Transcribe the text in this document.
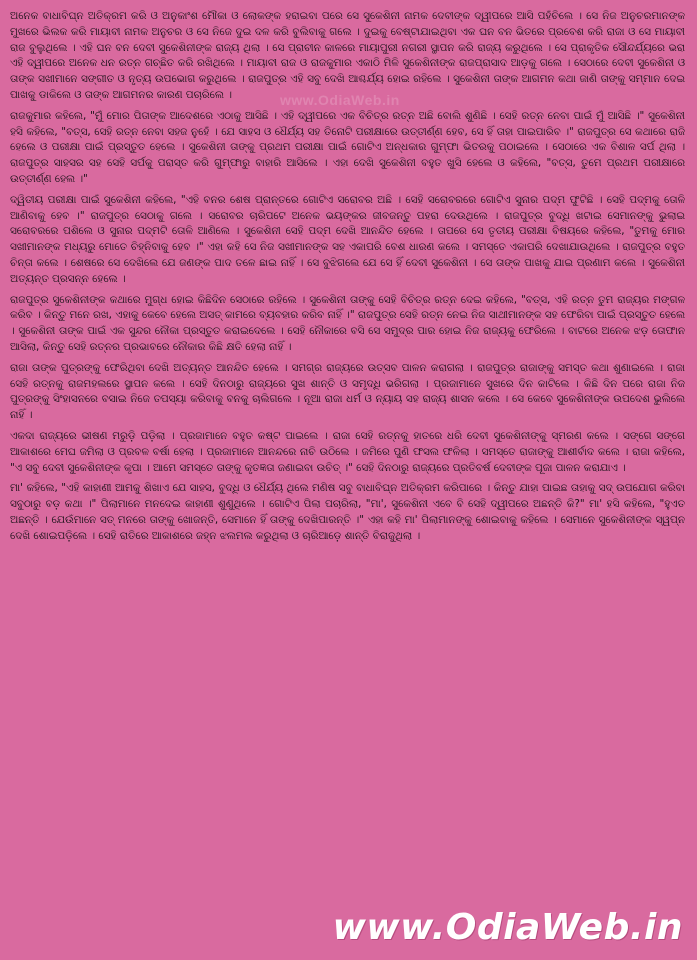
www.OdiaWeb.in

ଅନେକ ବାଧାବିଘ୍ନ ଅତିକ୍ରମ କରି ଓ ଅନୁକାଂଶ ମୌକା ଓ ଲୋକଙ୍କ ହରାଇବା ପରେ ସେ ସୁକେଶିନୀ ନାମକ ଦେବୀଙ୍କ ଦ୍ୱୀପରେ ଆସି ପହଁଚିଲେ । ସେ ନିଜ ଅନୁଚରମାନଙ୍କ ମୁଖରେ ଭିଲକ କରି ମାୟାବୀ ନାମକ ଅନୁଚର ଓ ସେ ନିଜେ ଦୁଇ ଦଳ କରି ବୁଲିବାକୁ ଗଲେ । ଦୁଇକୁ ବେଷ୍ଟାଯାଇଥିବା ଏକ ଘନ ବନ ଭିତରେ ପ୍ରବେଶ କରି ରାଜା ଓ ସେ ମାୟାବୀ ରାଜ ବୁଲୁଥିଲେ । ଏହି ଘନ ବନ ଦେବୀ ସୁକେଶିନୀଙ୍କ ରାଜ୍ୟ ଥିଲା । ସେ ପ୍ରାଚୀନ କାଳରେ ମାୟାପୁରୀ ନଗରୀ ସ୍ଥାପନ କରି ରାଜ୍ୟ କରୁଥିଲେ । ସେ ପ୍ରାକୃତିକ ସୌନ୍ଦର୍ଯ୍ୟରେ ଭରା ଏହି ଦ୍ୱୀପରେ ଅନେକ ଧନ ରତ୍ନ ଗଚ୍ଛିତ କରି ରଖିଥିଲେ । ମାୟାବୀ ରାଜ ଓ ରାଜକୁମାର ଏକାଠି ମିଳି ସୁକେଶିନୀଙ୍କ ରାଜପ୍ରାସାଦ ଆଡ଼କୁ ଗଲେ । ସେଠାରେ ଦେବୀ ସୁକେଶିନୀ ଓ ତାଙ୍କ ସଖୀମାନେ ସଙ୍ଗୀତ ଓ ନୃତ୍ୟ ଉପଭୋଗ କରୁଥିଲେ । ରାଜପୁତ୍ର ଏହି ସବୁ ଦେଖି ଆଶ୍ଚର୍ଯ୍ୟ ହୋଇ ରହିଲେ । ସୁକେଶିନୀ ତାଙ୍କ ଆଗମନ କଥା ଜାଣି ତାଙ୍କୁ ସମ୍ମାନ ଦେଇ ପାଖକୁ ଡାକିଲେ ଓ ତାଙ୍କ ଆଗମନର କାରଣ ପଚାରିଲେ ।

ରାଜକୁମାର କହିଲେ, "ମୁଁ ମୋର ପିତାଙ୍କ ଆଦେଶରେ ଏଠାକୁ ଆସିଛି । ଏହି ଦ୍ୱୀପରେ ଏକ ବିଚିତ୍ର ରତ୍ନ ଅଛି ବୋଲି ଶୁଣିଛି । ସେହି ରତ୍ନ ନେବା ପାଇଁ ମୁଁ ଆସିଛି ।" ସୁକେଶିନୀ ହସି କହିଲେ, "ବତ୍ସ, ସେହି ରତ୍ନ ନେବା ସହଜ ନୁହେଁ । ଯେ ସାହସ ଓ ଧୈର୍ଯ୍ୟ ସହ ତିନୋଟି ପରୀକ୍ଷାରେ ଉତ୍ତୀର୍ଣ୍ଣ ହେବ, ସେ ହିଁ ତାହା ପାଇପାରିବ ।" ରାଜପୁତ୍ର ସେ କଥାରେ ରାଜି ହେଲେ ଓ ପରୀକ୍ଷା ପାଇଁ ପ୍ରସ୍ତୁତ ହେଲେ । ସୁକେଶିନୀ ତାଙ୍କୁ ପ୍ରଥମ ପରୀକ୍ଷା ପାଇଁ ଗୋଟିଏ ଅନ୍ଧକାର ଗୁମ୍ଫା ଭିତରକୁ ପଠାଇଲେ । ସେଠାରେ ଏକ ବିଶାଳ ସର୍ପ ଥିଲା । ରାଜପୁତ୍ର ସାହସର ସହ ସେହି ସର୍ପକୁ ପରାସ୍ତ କରି ଗୁମ୍ଫାରୁ ବାହାରି ଆସିଲେ । ଏହା ଦେଖି ସୁକେଶିନୀ ବହୁତ ଖୁସି ହେଲେ ଓ କହିଲେ, "ବତ୍ସ, ତୁମେ ପ୍ରଥମ ପରୀକ୍ଷାରେ ଉତ୍ତୀର୍ଣ୍ଣ ହେଲ ।"

ଦ୍ୱିତୀୟ ପରୀକ୍ଷା ପାଇଁ ସୁକେଶିନୀ କହିଲେ, "ଏହି ବନର ଶେଷ ପ୍ରାନ୍ତରେ ଗୋଟିଏ ସରୋବର ଅଛି । ସେହି ସରୋବରରେ ଗୋଟିଏ ସୁନାର ପଦ୍ମ ଫୁଟିଛି । ସେହି ପଦ୍ମକୁ ତୋଳି ଆଣିବାକୁ ହେବ ।" ରାଜପୁତ୍ର ସେଠାକୁ ଗଲେ । ସରୋବର ଚାରିପଟେ ଅନେକ ଭୟଙ୍କର ଜୀବଜନ୍ତୁ ପହରା ଦେଉଥିଲେ । ରାଜପୁତ୍ର ବୁଦ୍ଧି ଖଟାଇ ସେମାନଙ୍କୁ ଭୁଲାଇ ସରୋବରରେ ପଶିଲେ ଓ ସୁନାର ପଦ୍ମଟି ତୋଳି ଆଣିଲେ । ସୁକେଶିନୀ ସେହି ପଦ୍ମ ଦେଖି ଆନନ୍ଦିତ ହେଲେ । ତାପରେ ସେ ତୃତୀୟ ପରୀକ୍ଷା ବିଷୟରେ କହିଲେ, "ତୁମକୁ ମୋର ସଖୀମାନଙ୍କ ମଧ୍ୟରୁ ମୋତେ ଚିହ୍ନିବାକୁ ହେବ ।" ଏହା କହି ସେ ନିଜ ସଖୀମାନଙ୍କ ସହ ଏକାପରି ବେଶ ଧାରଣ କଲେ । ସମସ୍ତେ ଏକାପରି ଦେଖାଯାଉଥିଲେ । ରାଜପୁତ୍ର ବହୁତ ଚିନ୍ତା କଲେ । ଶେଷରେ ସେ ଦେଖିଲେ ଯେ ଜଣଙ୍କ ପାଦ ତଳେ ଛାଇ ନାହିଁ । ସେ ବୁଝିଗଲେ ଯେ ସେ ହିଁ ଦେବୀ ସୁକେଶିନୀ । ସେ ତାଙ୍କ ପାଖକୁ ଯାଇ ପ୍ରଣାମ କଲେ । ସୁକେଶିନୀ ଅତ୍ୟନ୍ତ ପ୍ରସନ୍ନ ହେଲେ ।

ରାଜପୁତ୍ର ସୁକେଶିନୀଙ୍କ କଥାରେ ମୁଗ୍ଧ ହୋଇ କିଛିଦିନ ସେଠାରେ ରହିଲେ । ସୁକେଶିନୀ ତାଙ୍କୁ ସେହି ବିଚିତ୍ର ରତ୍ନ ଦେଇ କହିଲେ, "ବତ୍ସ, ଏହି ରତ୍ନ ତୁମ ରାଜ୍ୟର ମଙ୍ଗଳ କରିବ । କିନ୍ତୁ ମନେ ରଖ, ଏହାକୁ କେବେ ହେଲେ ଅସତ୍ କାମରେ ବ୍ୟବହାର କରିବ ନାହିଁ ।" ରାଜପୁତ୍ର ସେହି ରତ୍ନ ନେଇ ନିଜ ସାଥୀମାନଙ୍କ ସହ ଫେରିବା ପାଇଁ ପ୍ରସ୍ତୁତ ହେଲେ । ସୁକେଶିନୀ ତାଙ୍କ ପାଇଁ ଏକ ସୁନ୍ଦର ନୌକା ପ୍ରସ୍ତୁତ କରାଇଦେଲେ । ସେହି ନୌକାରେ ବସି ସେ ସମୁଦ୍ର ପାର ହୋଇ ନିଜ ରାଜ୍ୟକୁ ଫେରିଲେ । ବାଟରେ ଅନେକ ଝଡ଼ ତୋଫାନ ଆସିଲା, କିନ୍ତୁ ସେହି ରତ୍ନର ପ୍ରଭାବରେ ନୌକାର କିଛି କ୍ଷତି ହେଲା ନାହିଁ ।

ରାଜା ତାଙ୍କ ପୁତ୍ରଙ୍କୁ ଫେରିଥିବା ଦେଖି ଅତ୍ୟନ୍ତ ଆନନ୍ଦିତ ହେଲେ । ସମଗ୍ର ରାଜ୍ୟରେ ଉତ୍ସବ ପାଳନ କରାଗଲା । ରାଜପୁତ୍ର ରାଜାଙ୍କୁ ସମସ୍ତ କଥା ଶୁଣାଇଲେ । ରାଜା ସେହି ରତ୍ନକୁ ରାଜମହଲରେ ସ୍ଥାପନ କଲେ । ସେହି ଦିନଠାରୁ ରାଜ୍ୟରେ ସୁଖ ଶାନ୍ତି ଓ ସମୃଦ୍ଧି ଭରିଗଲା । ପ୍ରଜାମାନେ ସୁଖରେ ଦିନ କାଟିଲେ । କିଛି ଦିନ ପରେ ରାଜା ନିଜ ପୁତ୍ରଙ୍କୁ ସିଂହାସନରେ ବସାଇ ନିଜେ ତପସ୍ୟା କରିବାକୁ ବନକୁ ଚାଲିଗଲେ । ନୂଆ ରାଜା ଧର୍ମ ଓ ନ୍ୟାୟ ସହ ରାଜ୍ୟ ଶାସନ କଲେ । ସେ କେବେ ସୁକେଶିନୀଙ୍କ ଉପଦେଶ ଭୁଲିଲେ ନାହିଁ ।

ଏକଦା ରାଜ୍ୟରେ ଭୀଷଣ ମରୁଡ଼ି ପଡ଼ିଲା । ପ୍ରଜାମାନେ ବହୁତ କଷ୍ଟ ପାଇଲେ । ରାଜା ସେହି ରତ୍ନକୁ ହାତରେ ଧରି ଦେବୀ ସୁକେଶିନୀଙ୍କୁ ସ୍ମରଣ କଲେ । ସଙ୍ଗେ ସଙ୍ଗେ ଆକାଶରେ ମେଘ ଜମିଲା ଓ ପ୍ରବଳ ବର୍ଷା ହେଲା । ପ୍ରଜାମାନେ ଆନନ୍ଦରେ ନାଚି ଉଠିଲେ । ଜମିରେ ପୁଣି ଫସଲ ଫଳିଲା । ସମସ୍ତେ ରାଜାଙ୍କୁ ଆଶୀର୍ବାଦ କଲେ । ରାଜା କହିଲେ, "ଏ ସବୁ ଦେବୀ ସୁକେଶିନୀଙ୍କ କୃପା । ଆମେ ସମସ୍ତେ ତାଙ୍କୁ କୃତଜ୍ଞତା ଜଣାଇବା ଉଚିତ୍ ।" ସେହି ଦିନଠାରୁ ରାଜ୍ୟରେ ପ୍ରତିବର୍ଷ ଦେବୀଙ୍କ ପୂଜା ପାଳନ କରାଯାଏ ।

ମା' କହିଲେ, "ଏହି କାହାଣୀ ଆମକୁ ଶିଖାଏ ଯେ ସାହସ, ବୁଦ୍ଧି ଓ ଧୈର୍ଯ୍ୟ ଥିଲେ ମଣିଷ ସବୁ ବାଧାବିଘ୍ନ ଅତିକ୍ରମ କରିପାରେ । କିନ୍ତୁ ଯାହା ପାଇଛ ତାହାକୁ ସଦ୍ ଉପଯୋଗ କରିବା ସବୁଠାରୁ ବଡ଼ କଥା ।" ପିଲାମାନେ ମନଦେଇ କାହାଣୀ ଶୁଣୁଥିଲେ । ଗୋଟିଏ ପିଲା ପଚାରିଲା, "ମା', ସୁକେଶିନୀ ଏବେ ବି ସେହି ଦ୍ୱୀପରେ ଅଛନ୍ତି କି?" ମା' ହସି କହିଲେ, "ହୁଏତ ଅଛନ୍ତି । ଯେଉଁମାନେ ସତ୍ ମନରେ ତାଙ୍କୁ ଖୋଜନ୍ତି, ସେମାନେ ହିଁ ତାଙ୍କୁ ଦେଖିପାରନ୍ତି ।" ଏହା କହି ମା' ପିଲାମାନଙ୍କୁ ଶୋଇବାକୁ କହିଲେ । ସେମାନେ ସୁକେଶିନୀଙ୍କ ସ୍ୱପ୍ନ ଦେଖି ଶୋଇପଡ଼ିଲେ । ସେହି ରାତିରେ ଆକାଶରେ ଜହ୍ନ ଝଲମଲ କରୁଥିଲା ଓ ଚାରିଆଡ଼େ ଶାନ୍ତି ବିରାଜୁଥିଲା ।

www.OdiaWeb.in
